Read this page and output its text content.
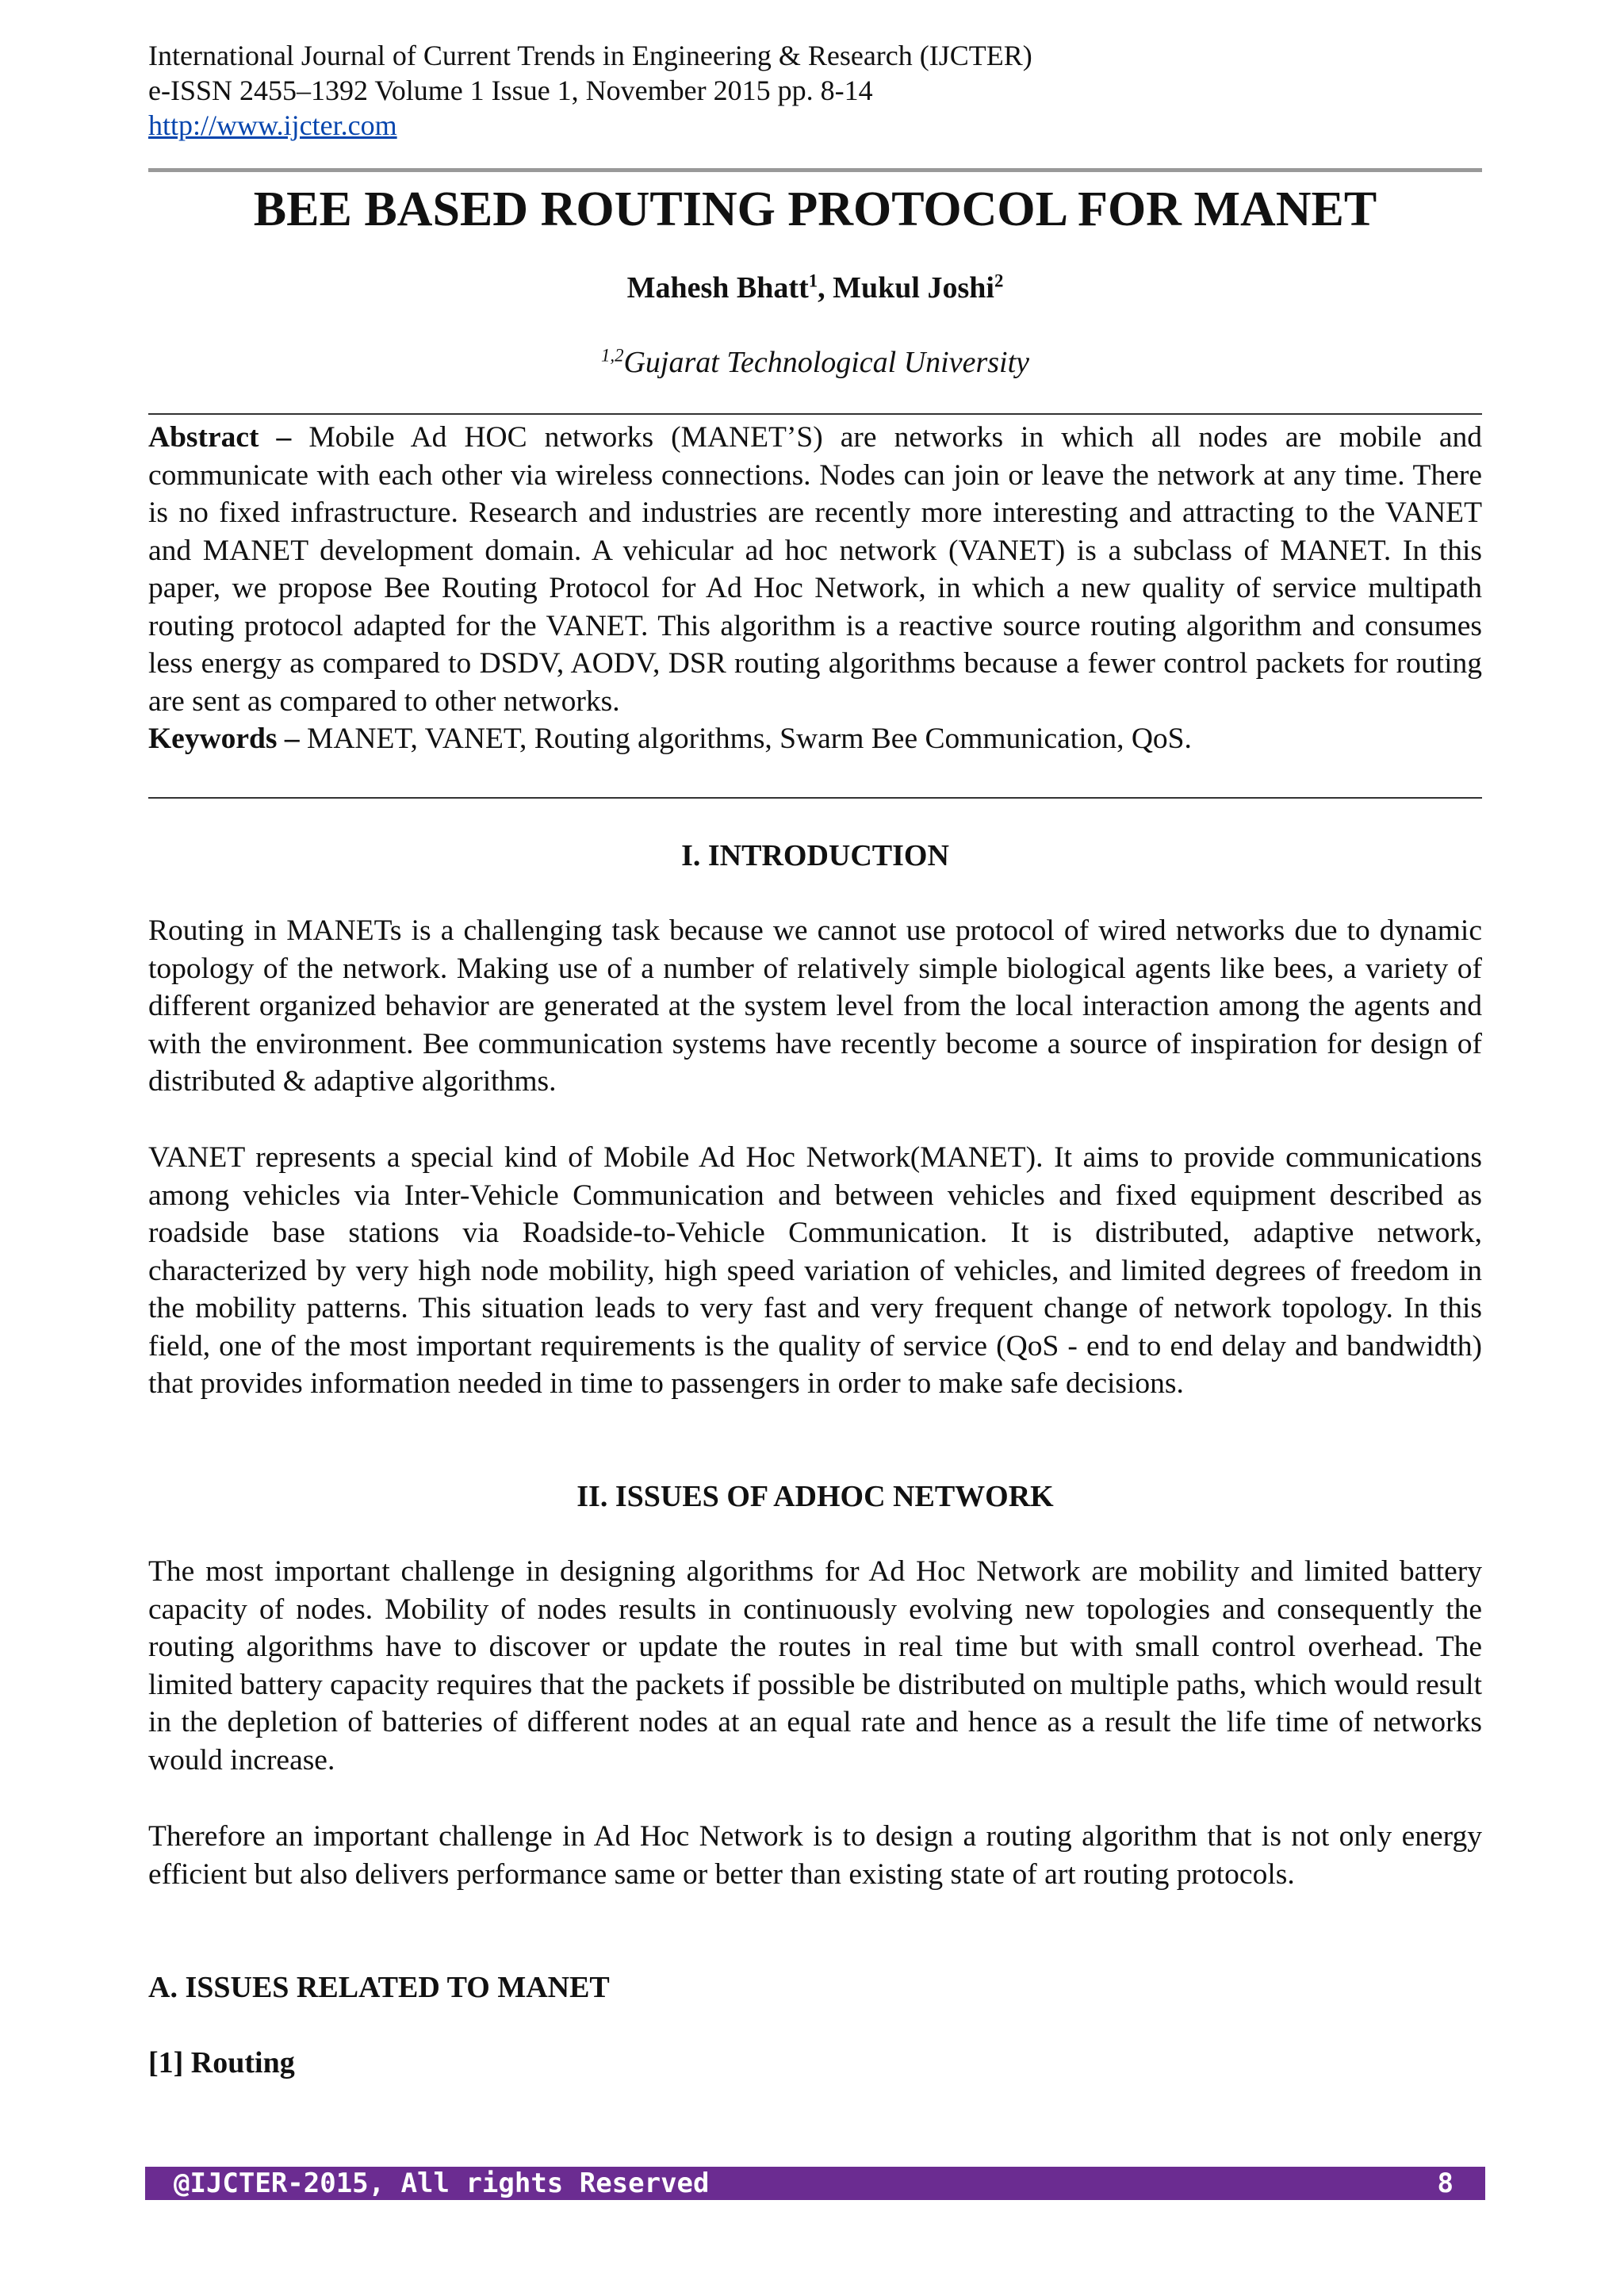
International Journal of Current Trends in Engineering & Research (IJCTER)
e-ISSN 2455–1392 Volume 1 Issue 1, November 2015 pp. 8-14
http://www.ijcter.com
BEE BASED ROUTING PROTOCOL FOR MANET
Mahesh Bhatt$^1$, Mukul Joshi$^2$
$^{1,2}$Gujarat Technological University

Abstract – Mobile Ad HOC networks (MANET’S) are networks in which all nodes are mobile and communicate with each other via wireless connections. Nodes can join or leave the network at any time. There is no fixed infrastructure. Research and industries are recently more interesting and attracting to the VANET and MANET development domain. A vehicular ad hoc network (VANET) is a subclass of MANET. In this paper, we propose Bee Routing Protocol for Ad Hoc Network, in which a new quality of service multipath routing protocol adapted for the VANET. This algorithm is a reactive source routing algorithm and consumes less energy as compared to DSDV, AODV, DSR routing algorithms because a fewer control packets for routing are sent as compared to other networks.

Keywords – MANET, VANET, Routing algorithms, Swarm Bee Communication, QoS.

I. INTRODUCTION

Routing in MANETs is a challenging task because we cannot use protocol of wired networks due to dynamic topology of the network. Making use of a number of relatively simple biological agents like bees, a variety of different organized behavior are generated at the system level from the local interaction among the agents and with the environment. Bee communication systems have recently become a source of inspiration for design of distributed & adaptive algorithms.

VANET represents a special kind of Mobile Ad Hoc Network(MANET). It aims to provide communications among vehicles via Inter-Vehicle Communication and between vehicles and fixed equipment described as roadside base stations via Roadside-to-Vehicle Communication. It is distributed, adaptive network, characterized by very high node mobility, high speed variation of vehicles, and limited degrees of freedom in the mobility patterns. This situation leads to very fast and very frequent change of network topology. In this field, one of the most important requirements is the quality of service (QoS - end to end delay and bandwidth) that provides information needed in time to passengers in order to make safe decisions.

II. ISSUES OF ADHOC NETWORK

The most important challenge in designing algorithms for Ad Hoc Network are mobility and limited battery capacity of nodes. Mobility of nodes results in continuously evolving new topologies and consequently the routing algorithms have to discover or update the routes in real time but with small control overhead. The limited battery capacity requires that the packets if possible be distributed on multiple paths, which would result in the depletion of batteries of different nodes at an equal rate and hence as a result the life time of networks would increase.

Therefore an important challenge in Ad Hoc Network is to design a routing algorithm that is not only energy efficient but also delivers performance same or better than existing state of art routing protocols.

A. ISSUES RELATED TO MANET
[1] Routing
@IJCTER-2015, All rights Reserved	8
